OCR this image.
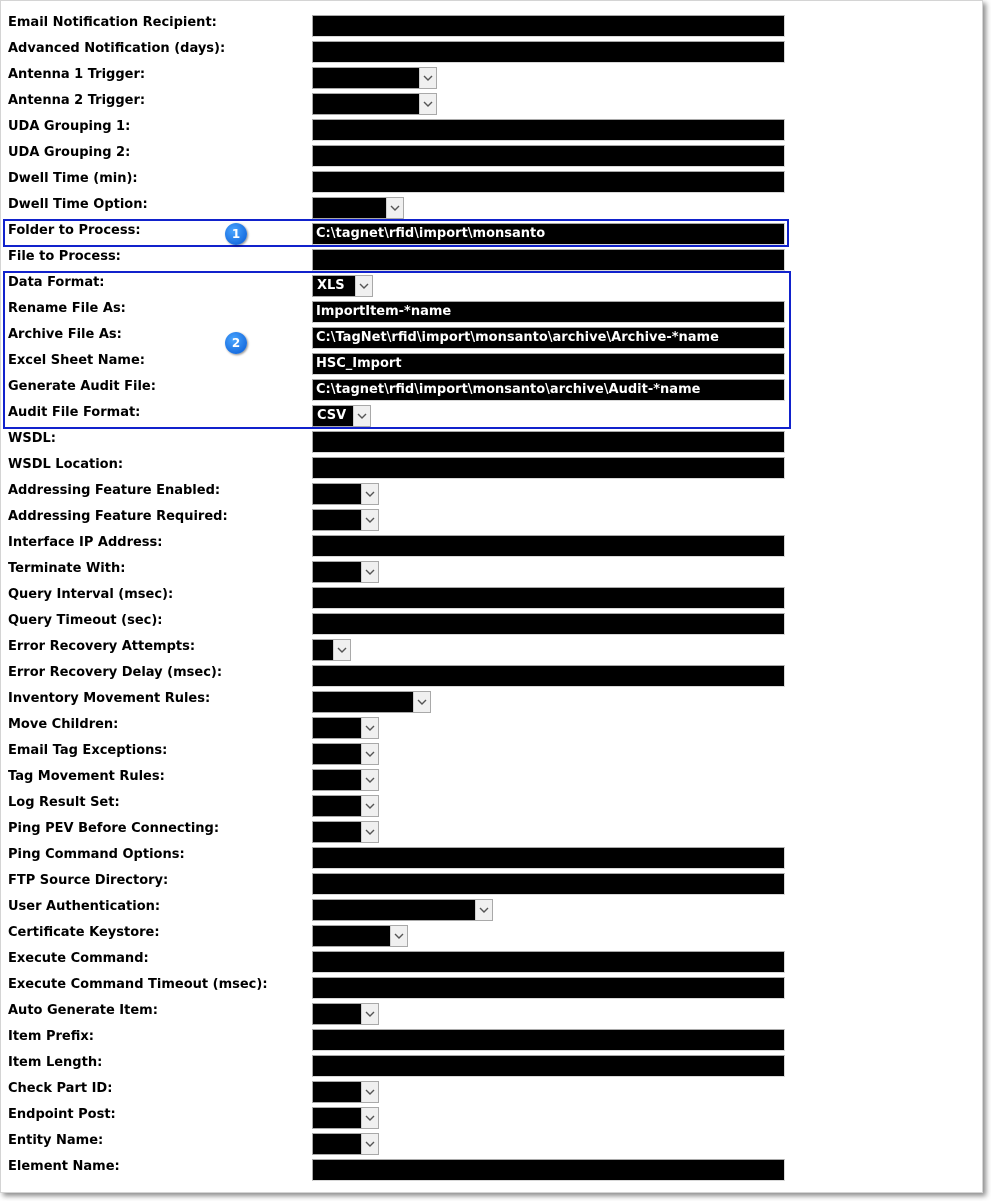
Email Notification Recipient:
Advanced Notification (days):
Antenna 1 Trigger:
Antenna 2 Trigger:
UDA Grouping 1:
UDA Grouping 2:
Dwell Time (min):
Dwell Time Option:
Folder to Process:	C:\tagnet\rfid\import\monsanto
File to Process:
Data Format:	XLS
Rename File As:	ImportItem-*name
Archive File As:	C:\TagNet\rfid\import\monsanto\archive\Archive-*name
Excel Sheet Name:	HSC_Import
Generate Audit File:	C:\tagnet\rfid\import\monsanto\archive\Audit-*name
Audit File Format:	CSV
WSDL:
WSDL Location:
Addressing Feature Enabled:
Addressing Feature Required:
Interface IP Address:
Terminate With:
Query Interval (msec):
Query Timeout (sec):
Error Recovery Attempts:
Error Recovery Delay (msec):
Inventory Movement Rules:
Move Children:
Email Tag Exceptions:
Tag Movement Rules:
Log Result Set:
Ping PEV Before Connecting:
Ping Command Options:
FTP Source Directory:
User Authentication:
Certificate Keystore:
Execute Command:
Execute Command Timeout (msec):
Auto Generate Item:
Item Prefix:
Item Length:
Check Part ID:
Endpoint Post:
Entity Name:
Element Name:
1
2
